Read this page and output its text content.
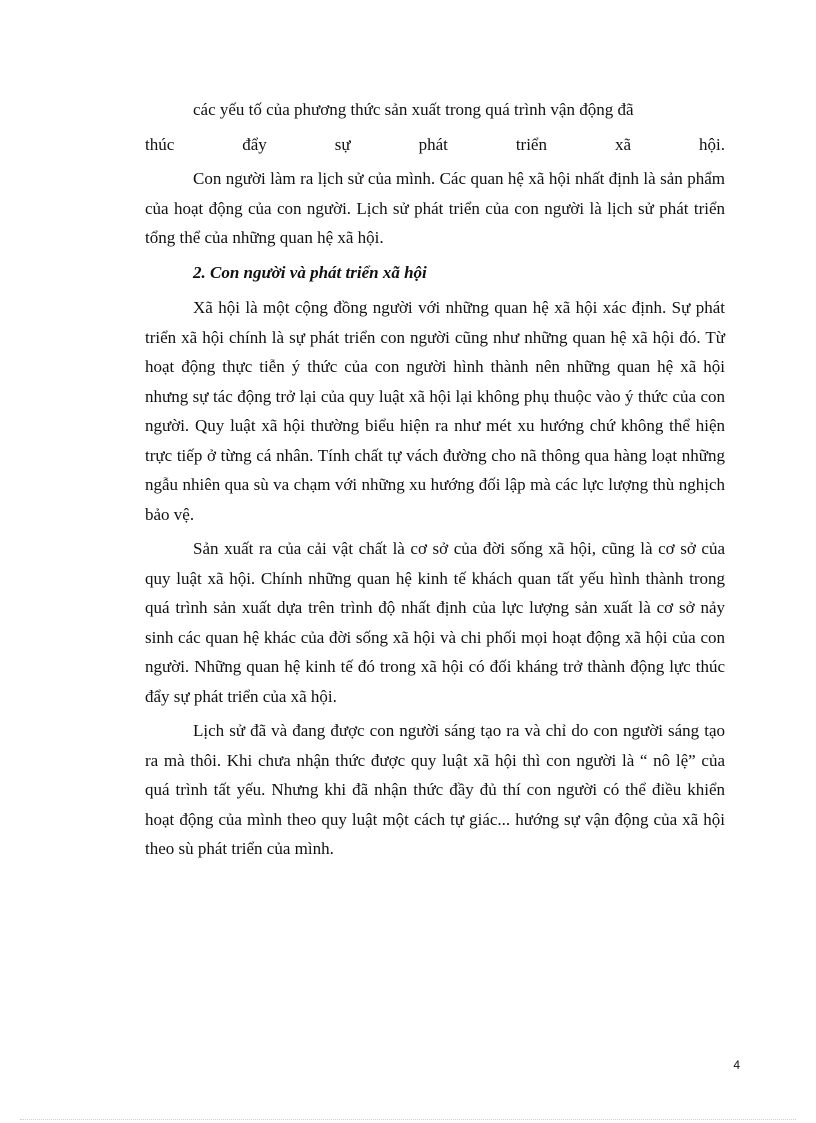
các yếu tố của phương thức sản xuất trong quá trình vận động đã

thúc	đẩy	sự	phát	triển	xã	hội.

Con người làm ra lịch sử của mình. Các quan hệ xã hội nhất định là sản phẩm của hoạt động của con người. Lịch sử phát triển của con người là lịch sử phát triển tổng thể của những quan hệ xã hội.

2. Con người và phát triển xã hội

Xã hội là một cộng đồng người với những quan hệ xã hội xác định. Sự phát triển xã hội chính là sự phát triển con người cũng như những quan hệ xã hội đó. Từ hoạt động thực tiễn ý thức của con người hình thành nên những quan hệ xã hội nhưng sự tác động trở lại của quy luật xã hội lại không phụ thuộc vào ý thức của con người. Quy luật xã hội thường biểu hiện ra như mét xu hướng chứ không thể hiện trực tiếp ở từng cá nhân. Tính chất tự vách đường cho nã thông qua hàng loạt những ngẫu nhiên qua sù va chạm với những xu hướng đối lập mà các lực lượng thù nghịch bảo vệ.

Sản xuất ra của cải vật chất là cơ sở của đời sống xã hội, cũng là cơ sở của quy luật xã hội. Chính những quan hệ kinh tế khách quan tất yếu hình thành trong quá trình sản xuất dựa trên trình độ nhất định của lực lượng sản xuất là cơ sở nảy sinh các quan hệ khác của đời sống xã hội và chi phối mọi hoạt động xã hội của con người. Những quan hệ kinh tế đó trong xã hội có đối kháng trở thành động lực thúc đẩy sự phát triển của xã hội.

Lịch sử đã và đang được con người sáng tạo ra và chỉ do con người sáng tạo ra mà thôi. Khi chưa nhận thức được quy luật xã hội thì con người là “ nô lệ” của quá trình tất yếu. Nhưng khi đã nhận thức đầy đủ thí con người có thể điều khiển hoạt động của mình theo quy luật một cách tự giác... hướng sự vận động của xã hội theo sù phát triển của mình.

4
